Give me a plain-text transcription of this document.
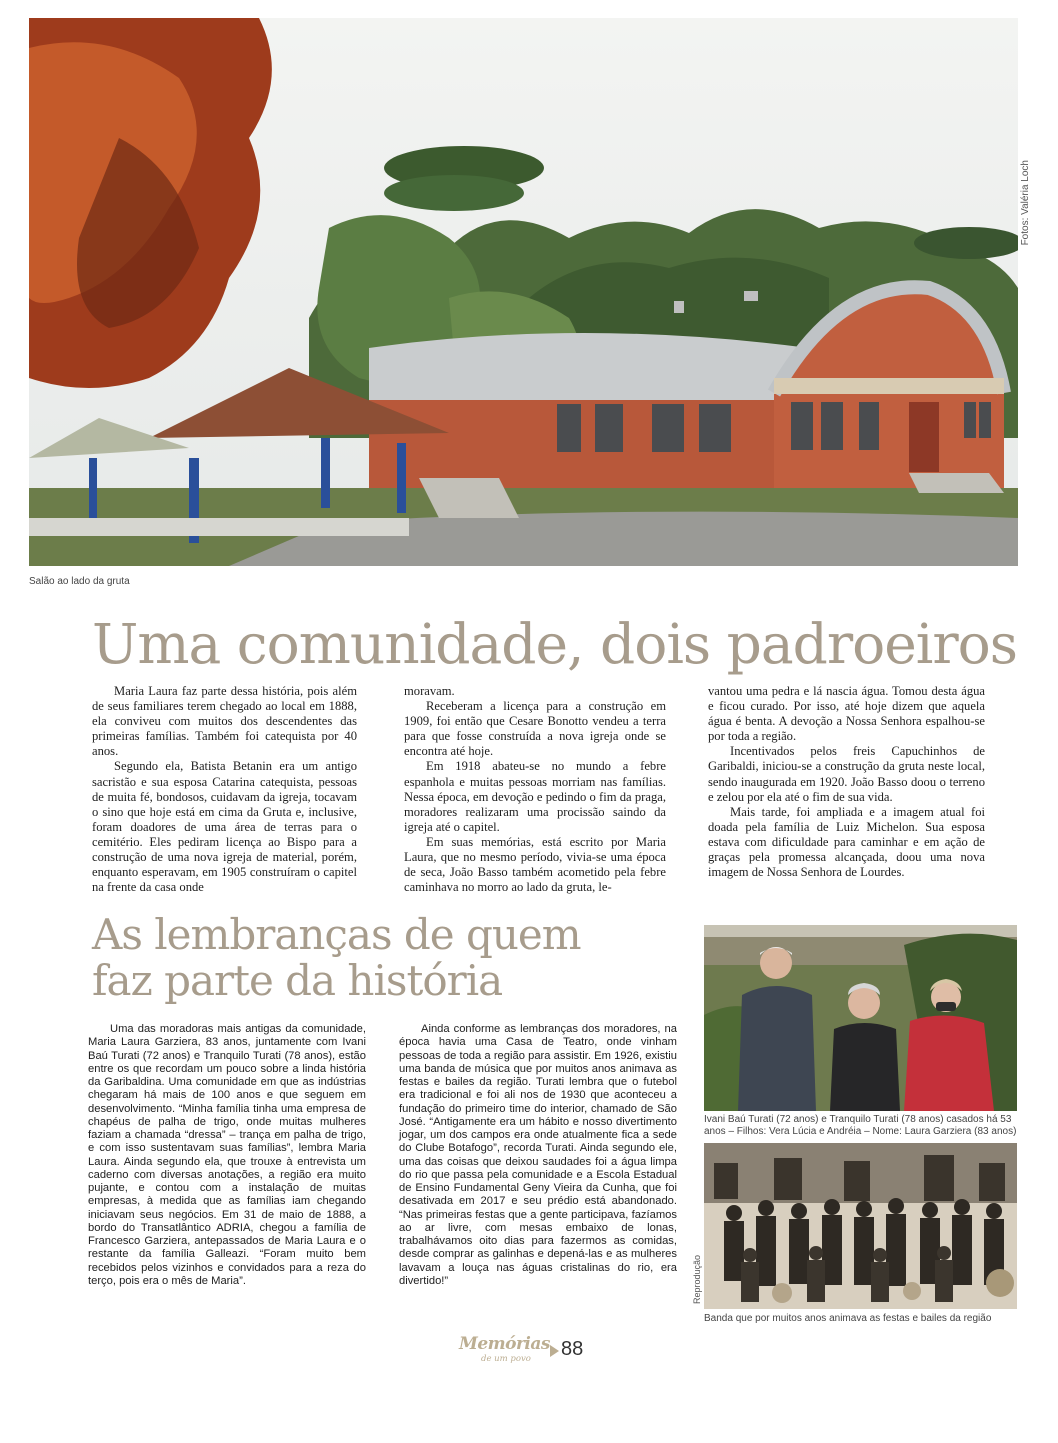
Fotos: Valéria Loch
Salão ao lado da gruta
Uma comunidade, dois padroeiros

Maria Laura faz parte dessa história, pois além de seus familiares terem chegado ao local em 1888, ela conviveu com muitos dos descendentes das primeiras famílias. Também foi catequista por 40 anos.

Segundo ela, Batista Betanin era um antigo sacristão e sua esposa Catarina catequista, pessoas de muita fé, bondosos, cuidavam da igreja, tocavam o sino que hoje está em cima da Gruta e, inclusive, foram doadores de uma área de terras para o cemitério. Eles pediram licença ao Bispo para a construção de uma nova igreja de material, porém, enquanto esperavam, em 1905 construíram o capitel na frente da casa onde

moravam.

Receberam a licença para a construção em 1909, foi então que Cesare Bonotto vendeu a terra para que fosse construída a nova igreja onde se encontra até hoje.

Em 1918 abateu-se no mundo a febre espanhola e muitas pessoas morriam nas famílias. Nessa época, em devoção e pedindo o fim da praga, moradores realizaram uma procissão saindo da igreja até o capitel.

Em suas memórias, está escrito por Maria Laura, que no mesmo período, vivia-se uma época de seca, João Basso também acometido pela febre caminhava no morro ao lado da gruta, le-

vantou uma pedra e lá nascia água. Tomou desta água e ficou curado. Por isso, até hoje dizem que aquela água é benta. A devoção a Nossa Senhora espalhou-se por toda a região.

Incentivados pelos freis Capuchinhos de Garibaldi, iniciou-se a construção da gruta neste local, sendo inaugurada em 1920. João Basso doou o terreno e zelou por ela até o fim de sua vida.

Mais tarde, foi ampliada e a imagem atual foi doada pela família de Luiz Michelon. Sua esposa estava com dificuldade para caminhar e em ação de graças pela promessa alcançada, doou uma nova imagem de Nossa Senhora de Lourdes.

As lembranças de quem
faz parte da história

Uma das moradoras mais antigas da comunidade, Maria Laura Garziera, 83 anos, juntamente com Ivani Baú Turati (72 anos) e Tranquilo Turati (78 anos), estão entre os que recordam um pouco sobre a linda história da Garibaldina. Uma comunidade em que as indústrias chegaram há mais de 100 anos e que seguem em desenvolvimento. “Minha família tinha uma empresa de chapéus de palha de trigo, onde muitas mulheres faziam a chamada “dressa” – trança em palha de trigo, e com isso sustentavam suas famílias”, lembra Maria Laura. Ainda segundo ela, que trouxe à entrevista um caderno com diversas anotações, a região era muito pujante, e contou com a instalação de muitas empresas, à medida que as famílias iam chegando iniciavam seus negócios. Em 31 de maio de 1888, a bordo do Transatlântico ADRIA, chegou a família de Francesco Garziera, antepassados de Maria Laura e o restante da família Galleazi. “Foram muito bem recebidos pelos vizinhos e convidados para a reza do terço, pois era o mês de Maria”.

Ainda conforme as lembranças dos moradores, na época havia uma Casa de Teatro, onde vinham pessoas de toda a região para assistir. Em 1926, existiu uma banda de música que por muitos anos animava as festas e bailes da região. Turati lembra que o futebol era tradicional e foi ali nos de 1930 que aconteceu a fundação do primeiro time do interior, chamado de São José. “Antigamente era um hábito e nosso divertimento jogar, um dos campos era onde atualmente fica a sede do Clube Botafogo”, recorda Turati. Ainda segundo ele, uma das coisas que deixou saudades foi a água limpa do rio que passa pela comunidade e a Escola Estadual de Ensino Fundamental Geny Vieira da Cunha, que foi desativada em 2017 e seu prédio está abandonado. “Nas primeiras festas que a gente participava, fazíamos ao ar livre, com mesas embaixo de lonas, trabalhávamos oito dias para fazermos as comidas, desde comprar as galinhas e depená-las e as mulheres lavavam a louça nas águas cristalinas do rio, era divertido!”

Ivani Baú Turati (72 anos) e Tranquilo Turati (78 anos) casados há 53 anos – Filhos: Vera Lúcia e Andréia – Nome: Laura Garziera (83 anos)
Reprodução
Banda que por muitos anos animava as festas e bailes da região
Memórias
de um povo 88
